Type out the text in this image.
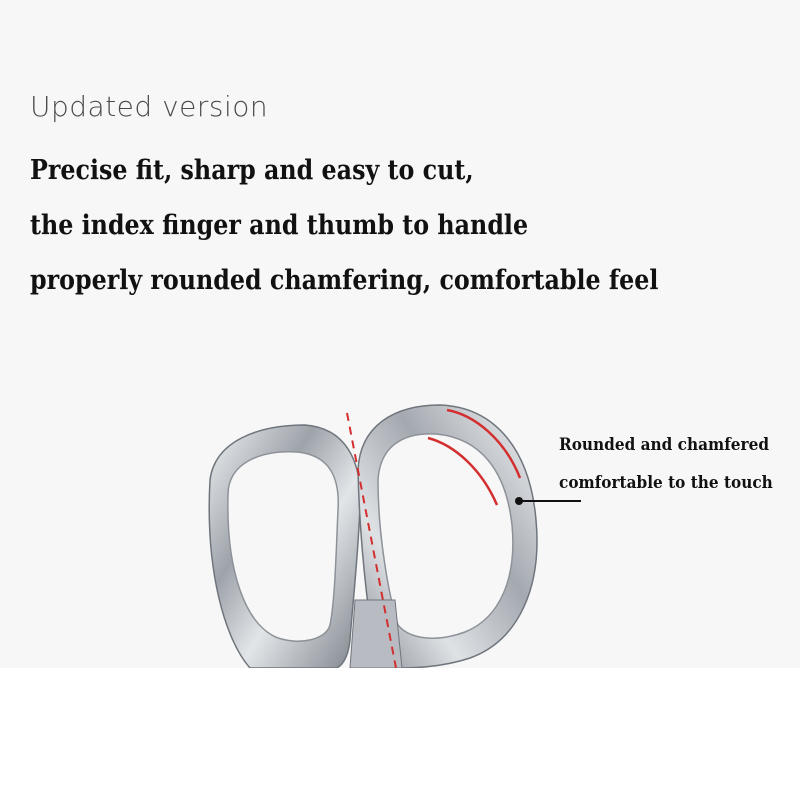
Updated version
Precise fit, sharp and easy to cut,
the index finger and thumb to handle
properly rounded chamfering, comfortable feel
Rounded and chamfered
comfortable to the touch
